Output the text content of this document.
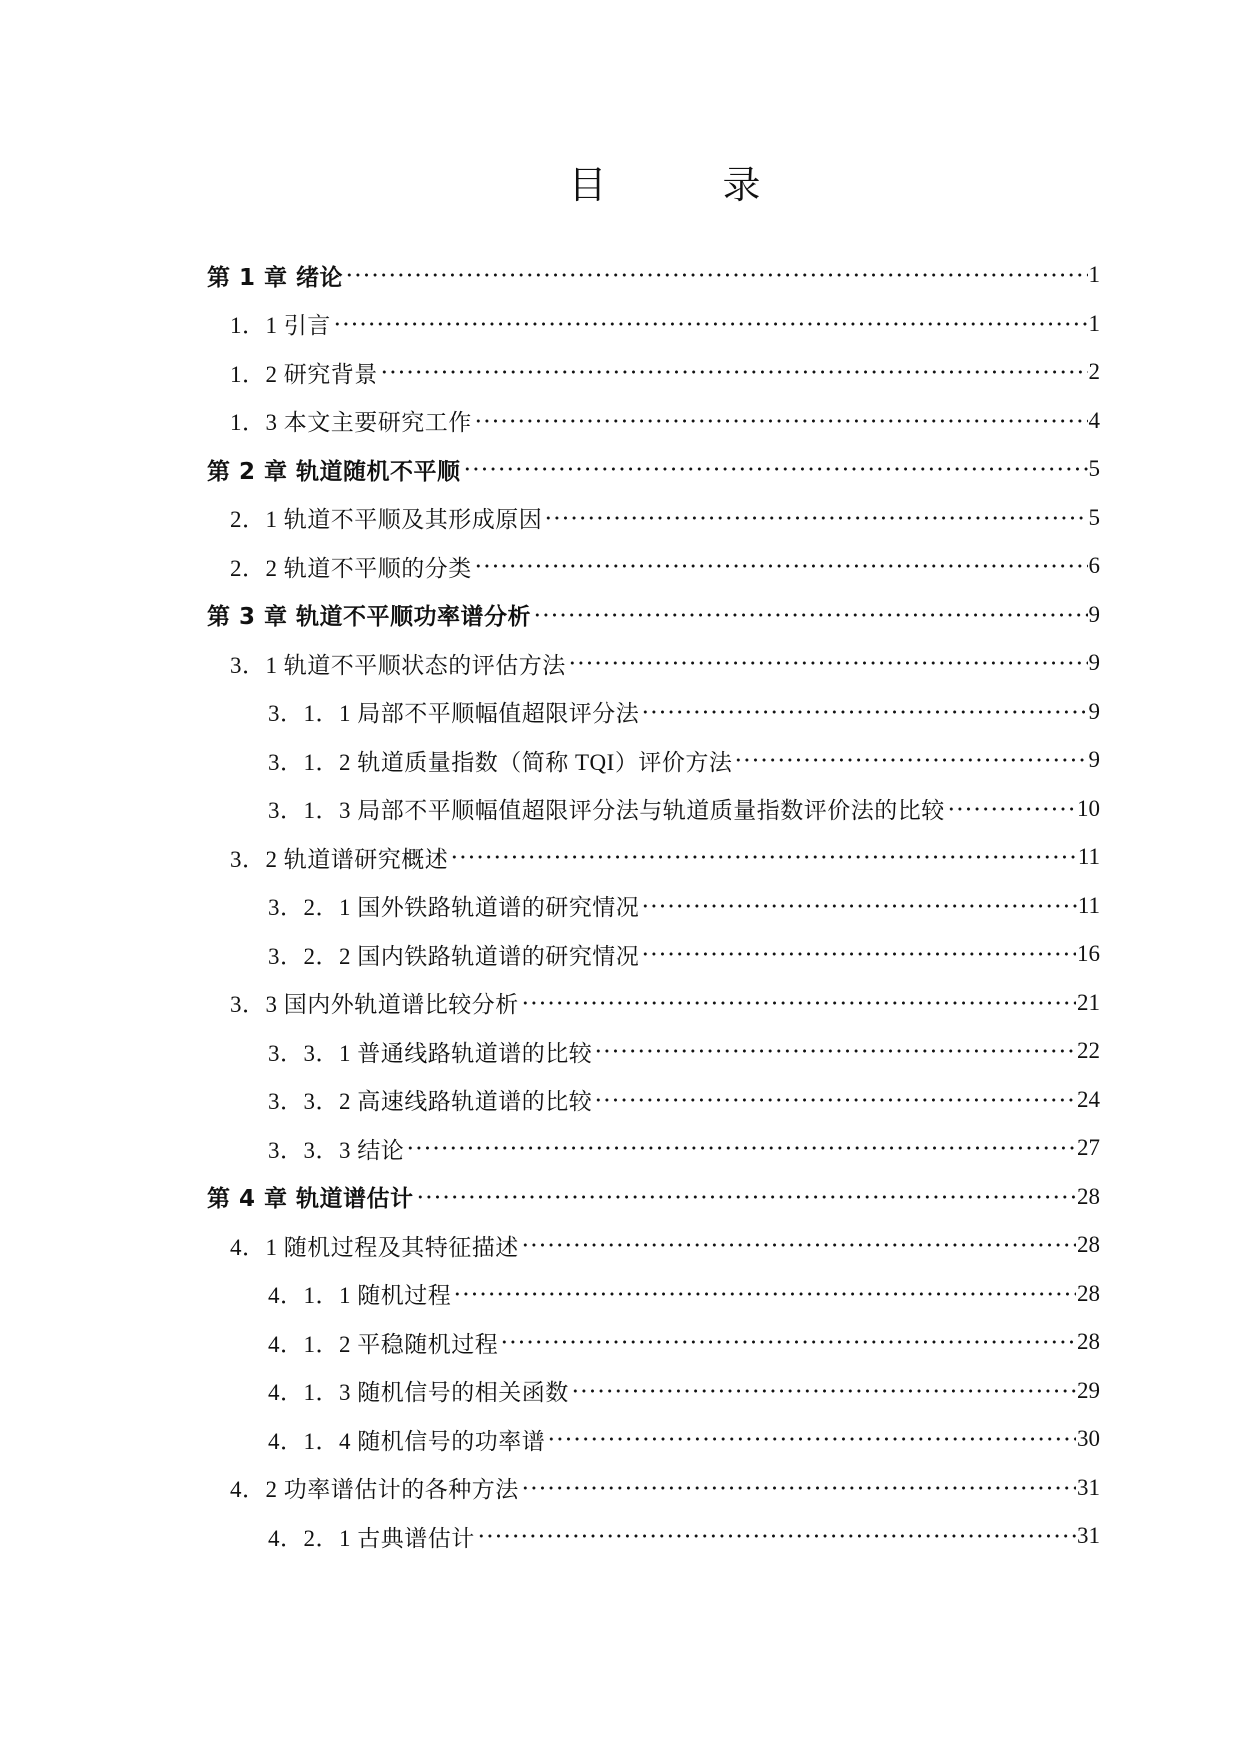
目 录
第 1 章 绪论	1
1．1 引言	1
1．2 研究背景	2
1．3 本文主要研究工作	4
第 2 章 轨道随机不平顺	5
2．1 轨道不平顺及其形成原因	5
2．2 轨道不平顺的分类	6
第 3 章 轨道不平顺功率谱分析	9
3．1 轨道不平顺状态的评估方法	9
3．1．1 局部不平顺幅值超限评分法	9
3．1．2 轨道质量指数（简称 TQI）评价方法	9
3．1．3 局部不平顺幅值超限评分法与轨道质量指数评价法的比较	10
3．2 轨道谱研究概述	11
3．2．1 国外铁路轨道谱的研究情况	11
3．2．2 国内铁路轨道谱的研究情况	16
3．3 国内外轨道谱比较分析	21
3．3．1 普通线路轨道谱的比较	22
3．3．2 高速线路轨道谱的比较	24
3．3．3 结论	27
第 4 章 轨道谱估计	28
4．1 随机过程及其特征描述	28
4．1．1 随机过程	28
4．1．2 平稳随机过程	28
4．1．3 随机信号的相关函数	29
4．1．4 随机信号的功率谱	30
4．2 功率谱估计的各种方法	31
4．2．1 古典谱估计	31
